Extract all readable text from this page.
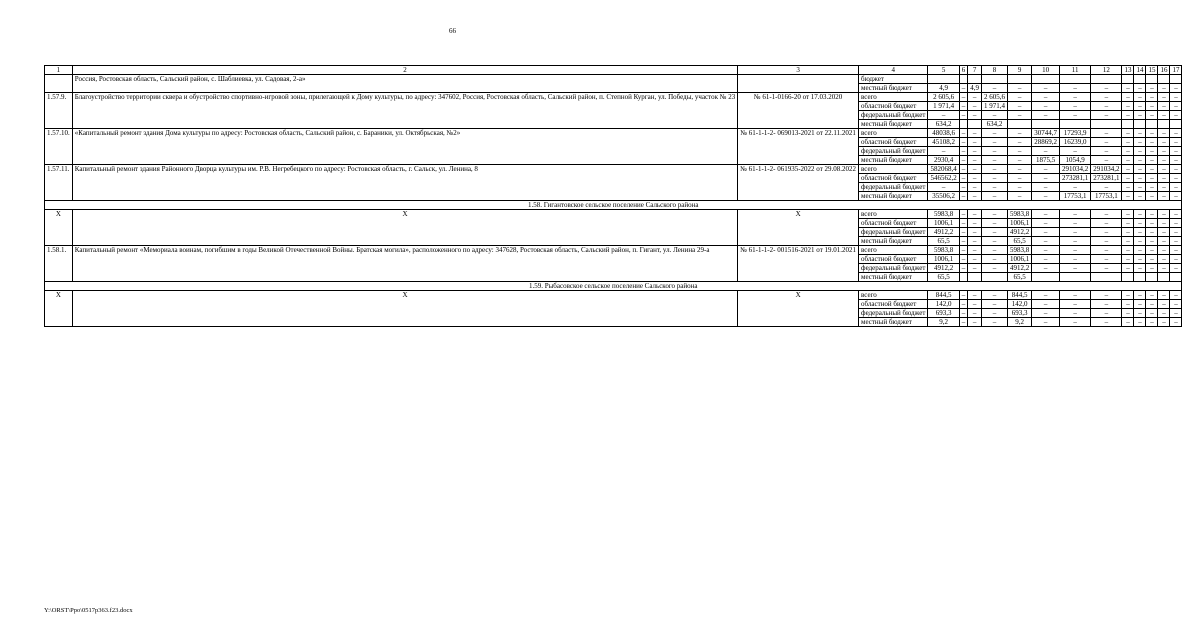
66
1	2	3	4	5	6	7	8	9	10	11	12	13	14	15	16	17
	Россия, Ростовская область, Сальский район, с. Шаблиевка, ул. Садовая, 2-а»		бюджет													
			местный бюджет	4,9	–	4,9	–	–	–	–	–	–	–	–	–	–
1.57.9.	Благоустройство территории сквера и обустройство спортивно-игровой зоны, прилегающей к Дому культуры, по адресу: 347602, Россия, Ростовская область, Сальский район, п. Степной Курган, ул. Победы, участок № 23	№ 61-1-0166-20 от 17.03.2020	всего	2 605,6	–	–	2 605,6	–	–	–	–	–	–	–	–	–
			областной бюджет	1 971,4	–	–	1 971,4	–	–	–	–	–	–	–	–	–
			федеральный бюджет	–	–	–	–	–	–	–	–	–	–	–	–	–
			местный бюджет	634,2			634,2									
1.57.10.	«Капитальный ремонт здания Дома культуры по адресу: Ростовская область, Сальский район, с. Бараники, ул. Октябрьская, №2»	№ 61-1-1-2- 069013-2021 от 22.11.2021	всего	48038,6	–	–	–	–	30744,7	17293,9	–	–	–	–	–	–
			областной бюджет	45108,2	–	–	–	–	28869,2	16239,0	–	–	–	–	–	–
			федеральный бюджет	–	–	–	–	–	–	–	–	–	–	–	–	–
			местный бюджет	2930,4	–	–	–	–	1875,5	1054,9	–	–	–	–	–	–
1.57.11.	Капитальный ремонт здания Районного Дворца культуры им. Р.В. Негребецкого по адресу: Ростовская область, г. Сальск, ул. Ленина, 8	№ 61-1-1-2- 061935-2022 от 29.08.2022	всего	582068,4	–	–	–	–	–	291034,2	291034,2	–	–	–	–	–
			областной бюджет	546562,2	–	–	–	–	–	273281,1	273281,1	–	–	–	–	–
			федеральный бюджет	–	–	–	–	–	–	–	–	–	–	–	–	–
			местный бюджет	35506,2	–	–	–	–	–	17753,1	17753,1	–	–	–	–	–
1.58. Гигантовское сельское поселение Сальского района																
Х	Х	Х	всего	5983,8	–	–	–	5983,8	–	–	–	–	–	–	–	–
			областной бюджет	1006,1	–	–	–	1006,1	–	–	–	–	–	–	–	–
			федеральный бюджет	4912,2	–	–	–	4912,2	–	–	–	–	–	–	–	–
			местный бюджет	65,5	–	–	–	65,5	–	–	–	–	–	–	–	–
1.58.1.	Капитальный ремонт «Мемориала воинам, погибшим в годы Великой Отечественной Войны. Братская могила», расположенного по адресу: 347628, Ростовская область, Сальский район, п. Гигант, ул. Ленина 29-а	№ 61-1-1-2- 001516-2021 от 19.01.2021	всего	5983,8	–	–	–	5983,8	–	–	–	–	–	–	–	–
			областной бюджет	1006,1	–	–	–	1006,1	–	–	–	–	–	–	–	–
			федеральный бюджет	4912,2	–	–	–	4912,2	–	–	–	–	–	–	–	–
			местный бюджет	65,5				65,5								
1.59. Рыбасовское сельское поселение Сальского района																
Х	Х	Х	всего	844,5	–	–	–	844,5	–	–	–	–	–	–	–	–
			областной бюджет	142,0	–	–	–	142,0	–	–	–	–	–	–	–	–
			федеральный бюджет	693,3	–	–	–	693,3	–	–	–	–	–	–	–	–
			местный бюджет	9,2	–	–	–	9,2	–	–	–	–	–	–	–	–
Y:\ORST\Ppo\0517p363.f23.docx
